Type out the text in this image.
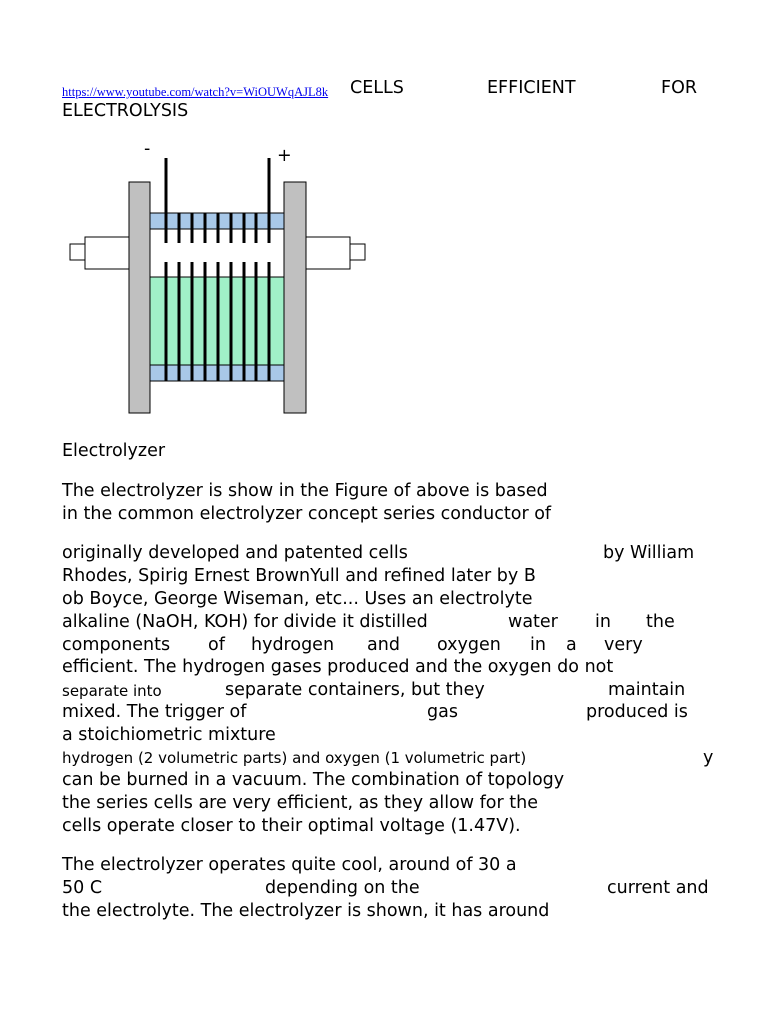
https://www.youtube.com/watch?v=WiOUWqAJL8k CELLS	EFFICIENT	FOR
ELECTROLYSIS
-	+
Electrolyzer
The electrolyzer is show in the Figure of above is based
in the common electrolyzer concept series conductor of
originally developed and patented cells	by William
Rhodes, Spirig Ernest BrownYull and refined later by B
ob Boyce, George Wiseman, etc... Uses an electrolyte
alkaline (NaOH, KOH) for divide it distilled	water in the
components of hydrogen and oxygen in a very
efficient. The hydrogen gases produced and the oxygen do not
separate into	separate containers, but they	maintain
mixed. The trigger of	gas	produced is
a stoichiometric mixture
hydrogen (2 volumetric parts) and oxygen (1 volumetric part)	y
can be burned in a vacuum. The combination of topology
the series cells are very efficient, as they allow for the
cells operate closer to their optimal voltage (1.47V).
The electrolyzer operates quite cool, around of 30 a
50 C	depending on the	current and
the electrolyte. The electrolyzer is shown, it has around
